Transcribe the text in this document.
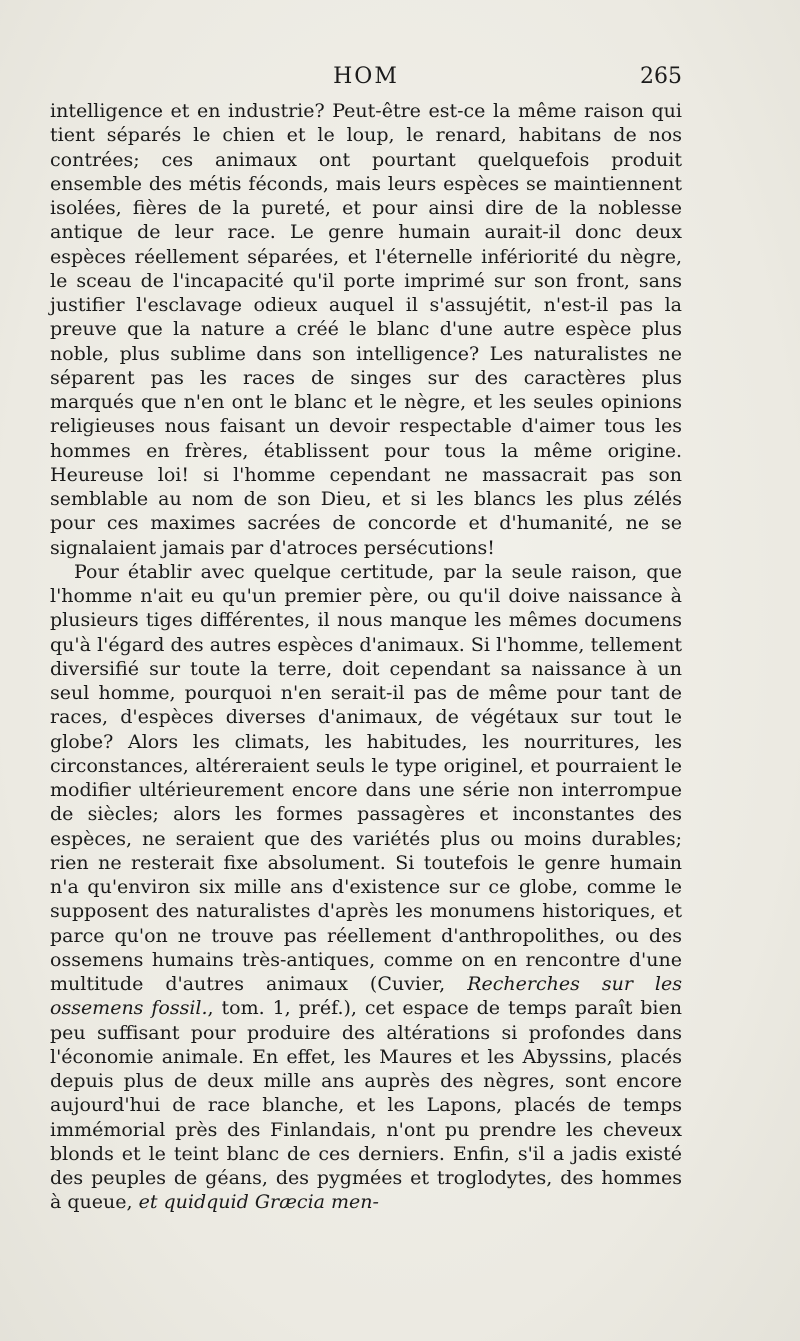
HOM	265

intelligence et en industrie? Peut-être est-ce la même raison qui tient séparés le chien et le loup, le renard, habitans de nos contrées; ces animaux ont pourtant quelquefois produit ensemble des métis féconds, mais leurs espèces se maintiennent isolées, fières de la pureté, et pour ainsi dire de la noblesse antique de leur race. Le genre humain aurait-il donc deux espèces réellement séparées, et l'éternelle infériorité du nègre, le sceau de l'incapacité qu'il porte imprimé sur son front, sans justifier l'esclavage odieux auquel il s'assujétit, n'est-il pas la preuve que la nature a créé le blanc d'une autre espèce plus noble, plus sublime dans son intelligence? Les naturalistes ne séparent pas les races de singes sur des caractères plus marqués que n'en ont le blanc et le nègre, et les seules opinions religieuses nous faisant un devoir respectable d'aimer tous les hommes en frères, établissent pour tous la même origine. Heureuse loi! si l'homme cependant ne massacrait pas son semblable au nom de son Dieu, et si les blancs les plus zélés pour ces maximes sacrées de concorde et d'humanité, ne se signalaient jamais par d'atroces persécutions!

Pour établir avec quelque certitude, par la seule raison, que l'homme n'ait eu qu'un premier père, ou qu'il doive naissance à plusieurs tiges différentes, il nous manque les mêmes documens qu'à l'égard des autres espèces d'animaux. Si l'homme, tellement diversifié sur toute la terre, doit cependant sa naissance à un seul homme, pourquoi n'en serait-il pas de même pour tant de races, d'espèces diverses d'animaux, de végétaux sur tout le globe? Alors les climats, les habitudes, les nourritures, les circonstances, altéreraient seuls le type originel, et pourraient le modifier ultérieurement encore dans une série non interrompue de siècles; alors les formes passagères et inconstantes des espèces, ne seraient que des variétés plus ou moins durables; rien ne resterait fixe absolument. Si toutefois le genre humain n'a qu'environ six mille ans d'existence sur ce globe, comme le supposent des naturalistes d'après les monumens historiques, et parce qu'on ne trouve pas réellement d'anthropolithes, ou des ossemens humains très-antiques, comme on en rencontre d'une multitude d'autres animaux (Cuvier, Recherches sur les ossemens fossil., tom. 1, préf.), cet espace de temps paraît bien peu suffisant pour produire des altérations si profondes dans l'économie animale. En effet, les Maures et les Abyssins, placés depuis plus de deux mille ans auprès des nègres, sont encore aujourd'hui de race blanche, et les Lapons, placés de temps immémorial près des Finlandais, n'ont pu prendre les cheveux blonds et le teint blanc de ces derniers. Enfin, s'il a jadis existé des peuples de géans, des pygmées et troglodytes, des hommes à queue, et quidquid Græcia men-
